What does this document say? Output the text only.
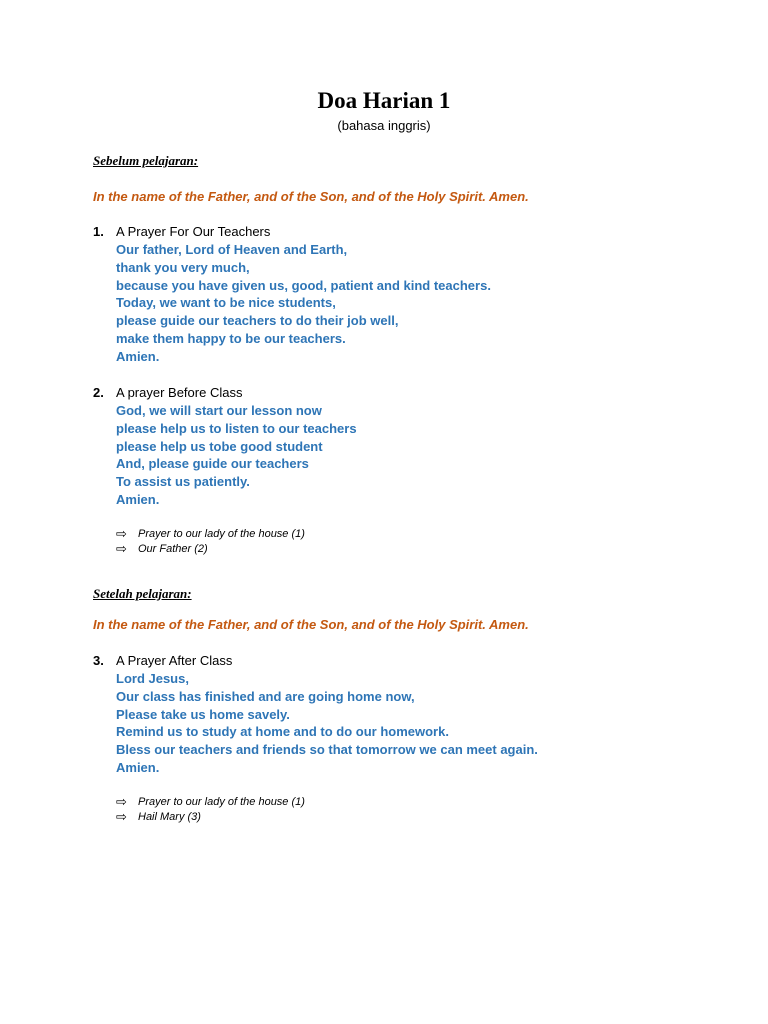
Doa Harian 1
(bahasa inggris)
Sebelum pelajaran:
In the name of the Father, and of the Son, and of the Holy Spirit. Amen.
1. A Prayer For Our Teachers
Our father, Lord of Heaven and Earth,
thank you very much,
because you have given us, good, patient and kind teachers.
Today, we want to be nice students,
please guide our teachers to do their job well,
make them happy to be our teachers.
Amien.
2. A prayer Before Class
God, we will start our lesson now
please help us to listen to our teachers
please help us tobe good student
And, please guide our teachers
To assist us patiently.
Amien.
⇨	Prayer to our lady of the house (1)
⇨	Our Father (2)
Setelah pelajaran:
In the name of the Father, and of the Son, and of the Holy Spirit. Amen.
3. A Prayer After Class
Lord Jesus,
Our class has finished and are going home now,
Please take us home savely.
Remind us to study at home and to do our homework.
Bless our teachers and friends so that tomorrow we can meet again.
Amien.
⇨	Prayer to our lady of the house (1)
⇨	Hail Mary (3)
